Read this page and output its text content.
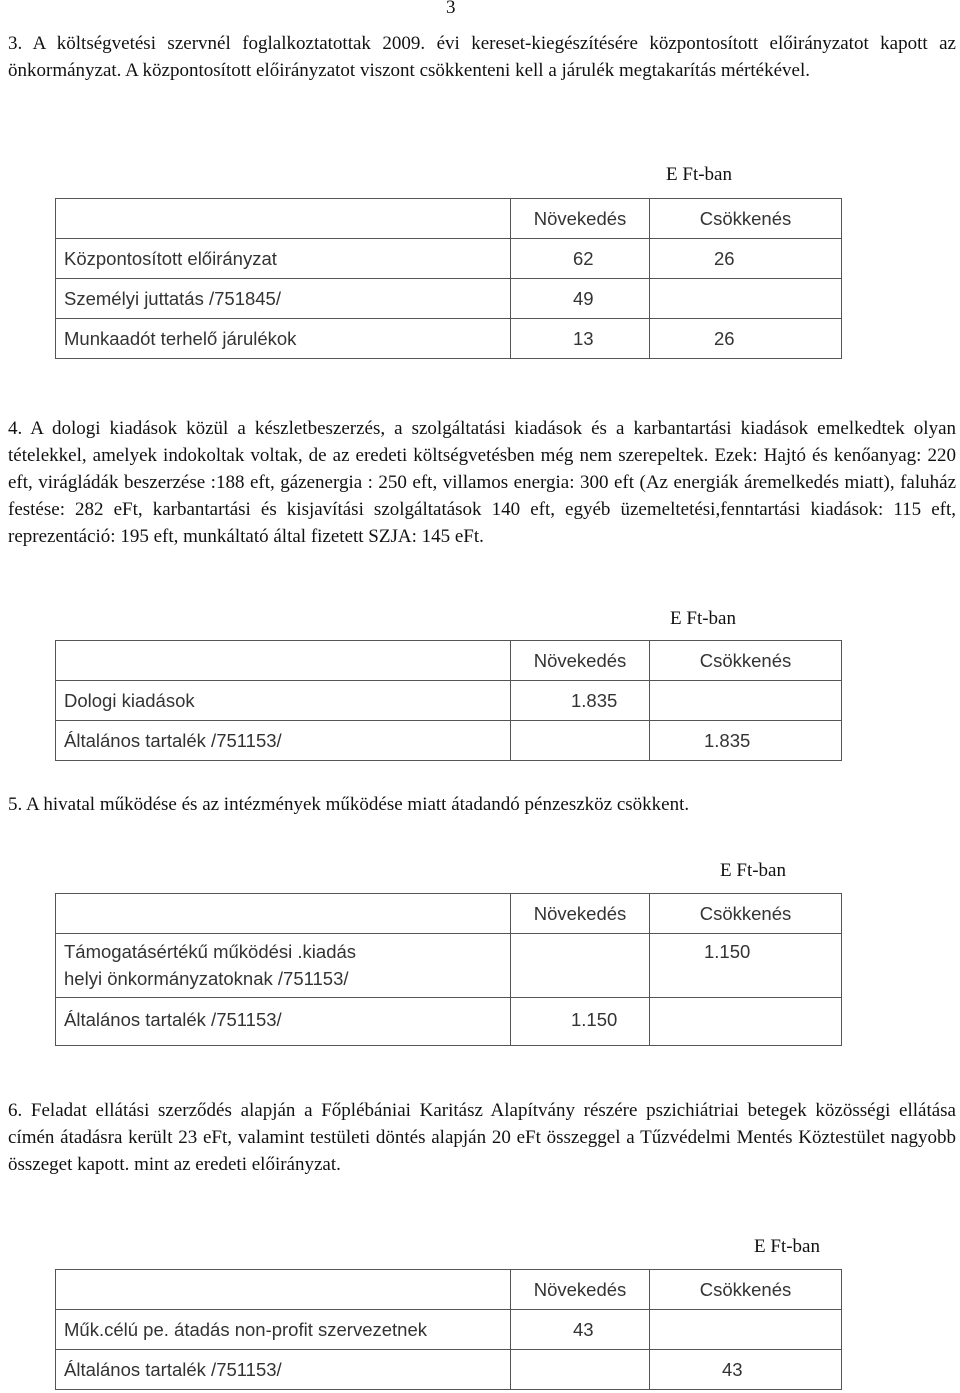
3

3. A költségvetési szervnél foglalkoztatottak 2009. évi kereset-kiegészítésére központosított előirányzatot kapott az önkormányzat. A központosított előirányzatot viszont csökkenteni kell a járulék megtakarítás mértékével.

E Ft-ban
	Növekedés	Csökkenés
Központosított előirányzat	62	26
Személyi juttatás /751845/	49	
Munkaadót terhelő járulékok	13	26

4. A dologi kiadások közül a készletbeszerzés, a szolgáltatási kiadások és a karbantartási kiadások emelkedtek olyan tételekkel, amelyek indokoltak voltak, de az eredeti költségvetésben még nem szerepeltek. Ezek: Hajtó és kenőanyag: 220 eft, virágládák beszerzése :188 eft, gázenergia : 250 eft, villamos energia: 300 eft (Az energiák áremelkedés miatt), faluház festése: 282 eFt, karbantartási és kisjavítási szolgáltatások 140 eft, egyéb üzemeltetési,fenntartási kiadások: 115 eft, reprezentáció: 195 eft, munkáltató által fizetett SZJA: 145 eFt.

E Ft-ban
	Növekedés	Csökkenés
Dologi kiadások	1.835	
Általános tartalék /751153/		1.835

5. A hivatal működése és az intézmények működése miatt átadandó pénzeszköz csökkent.

E Ft-ban
	Növekedés	Csökkenés
Támogatásértékű működési .kiadás helyi önkormányzatoknak /751153/		1.150
Általános tartalék /751153/	1.150	

6. Feladat ellátási szerződés alapján a Főplébániai Karitász Alapítvány részére pszichiátriai betegek közösségi ellátása címén átadásra került 23 eFt, valamint testületi döntés alapján 20 eFt összeggel a Tűzvédelmi Mentés Köztestület nagyobb összeget kapott. mint az eredeti előirányzat.

E Ft-ban
	Növekedés	Csökkenés
Műk.célú pe. átadás non-profit szervezetnek	43	
Általános tartalék /751153/		43
